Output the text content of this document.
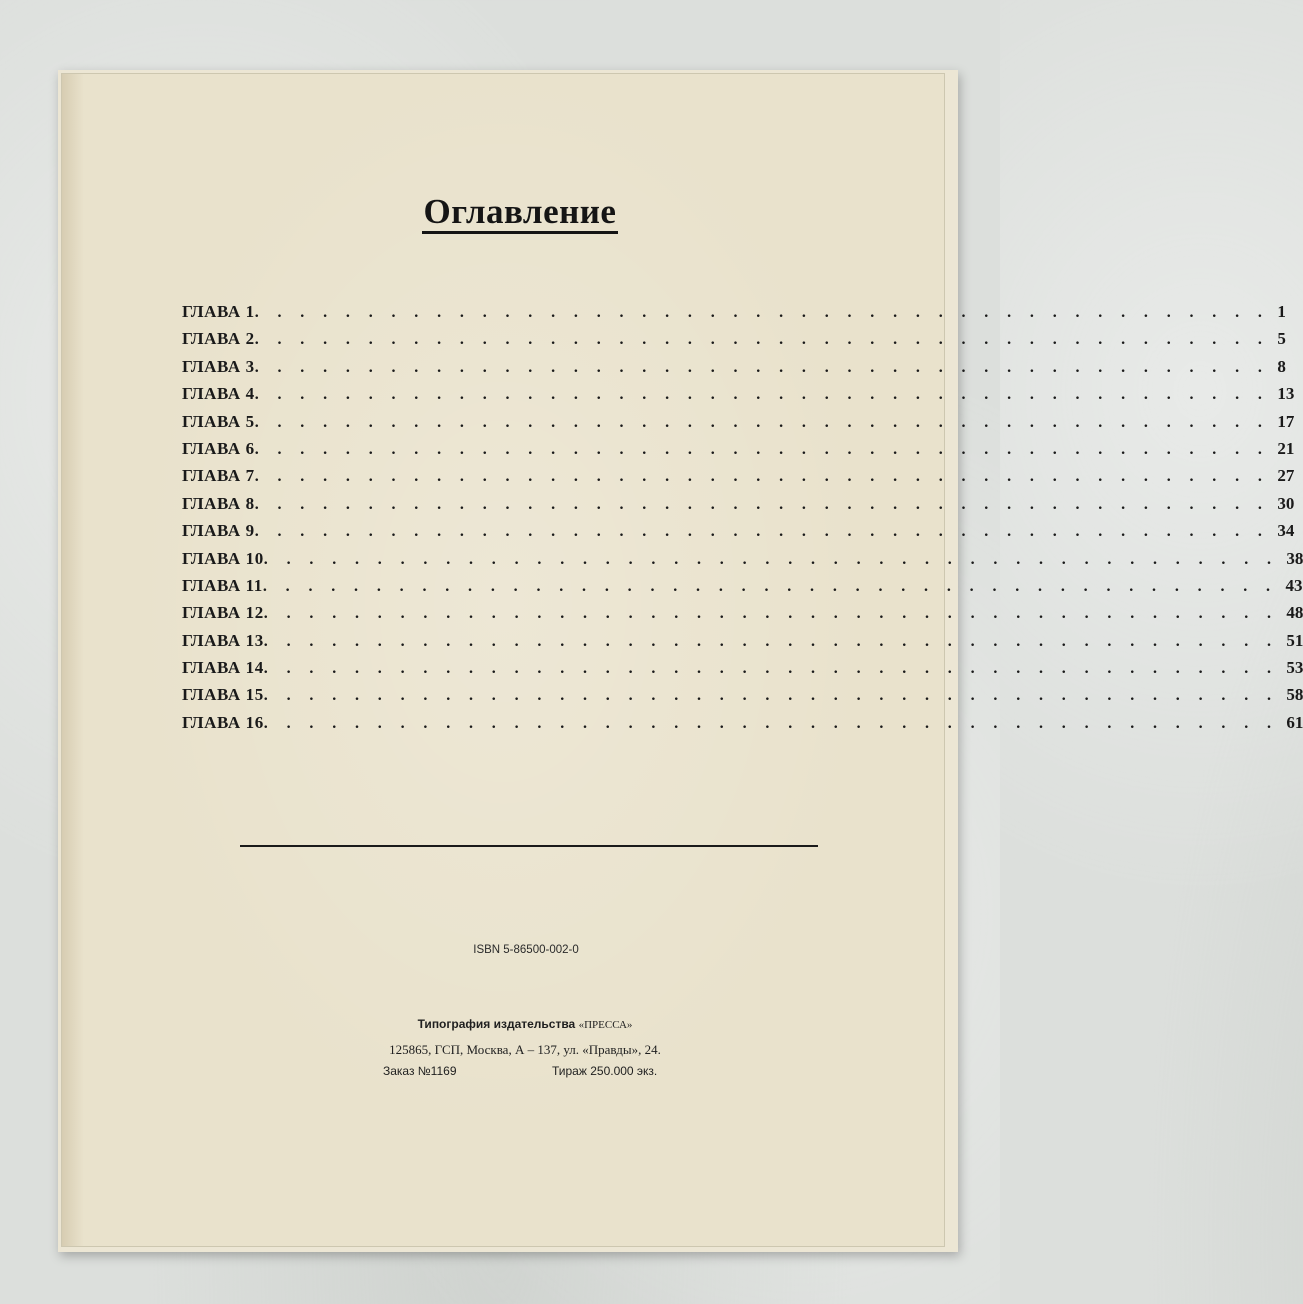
Оглавление
ГЛАВА 1 . . . . . . . . . . . . . . . . . . . . . . . . . . . . . . . . . . . . . . . . . . . . . 1
ГЛАВА 2 . . . . . . . . . . . . . . . . . . . . . . . . . . . . . . . . . . . . . . . . . . . . . 5
ГЛАВА 3 . . . . . . . . . . . . . . . . . . . . . . . . . . . . . . . . . . . . . . . . . . . . . 8
ГЛАВА 4 . . . . . . . . . . . . . . . . . . . . . . . . . . . . . . . . . . . . . . . . . . . . . 13
ГЛАВА 5 . . . . . . . . . . . . . . . . . . . . . . . . . . . . . . . . . . . . . . . . . . . . . 17
ГЛАВА 6 . . . . . . . . . . . . . . . . . . . . . . . . . . . . . . . . . . . . . . . . . . . . . 21
ГЛАВА 7 . . . . . . . . . . . . . . . . . . . . . . . . . . . . . . . . . . . . . . . . . . . . . 27
ГЛАВА 8 . . . . . . . . . . . . . . . . . . . . . . . . . . . . . . . . . . . . . . . . . . . . . 30
ГЛАВА 9 . . . . . . . . . . . . . . . . . . . . . . . . . . . . . . . . . . . . . . . . . . . . . 34
ГЛАВА 10 . . . . . . . . . . . . . . . . . . . . . . . . . . . . . . . . . . . . . . . . . . . . . 38
ГЛАВА 11 . . . . . . . . . . . . . . . . . . . . . . . . . . . . . . . . . . . . . . . . . . . . . 43
ГЛАВА 12 . . . . . . . . . . . . . . . . . . . . . . . . . . . . . . . . . . . . . . . . . . . . . 48
ГЛАВА 13 . . . . . . . . . . . . . . . . . . . . . . . . . . . . . . . . . . . . . . . . . . . . . 51
ГЛАВА 14 . . . . . . . . . . . . . . . . . . . . . . . . . . . . . . . . . . . . . . . . . . . . . 53
ГЛАВА 15 . . . . . . . . . . . . . . . . . . . . . . . . . . . . . . . . . . . . . . . . . . . . . 58
ГЛАВА 16 . . . . . . . . . . . . . . . . . . . . . . . . . . . . . . . . . . . . . . . . . . . . . 61
ISBN 5-86500-002-0
Типография издательства «ПРЕССА»
125865, ГСП, Москва, А – 137, ул. «Правды», 24.
Заказ №1169	Тираж 250.000 экз.
